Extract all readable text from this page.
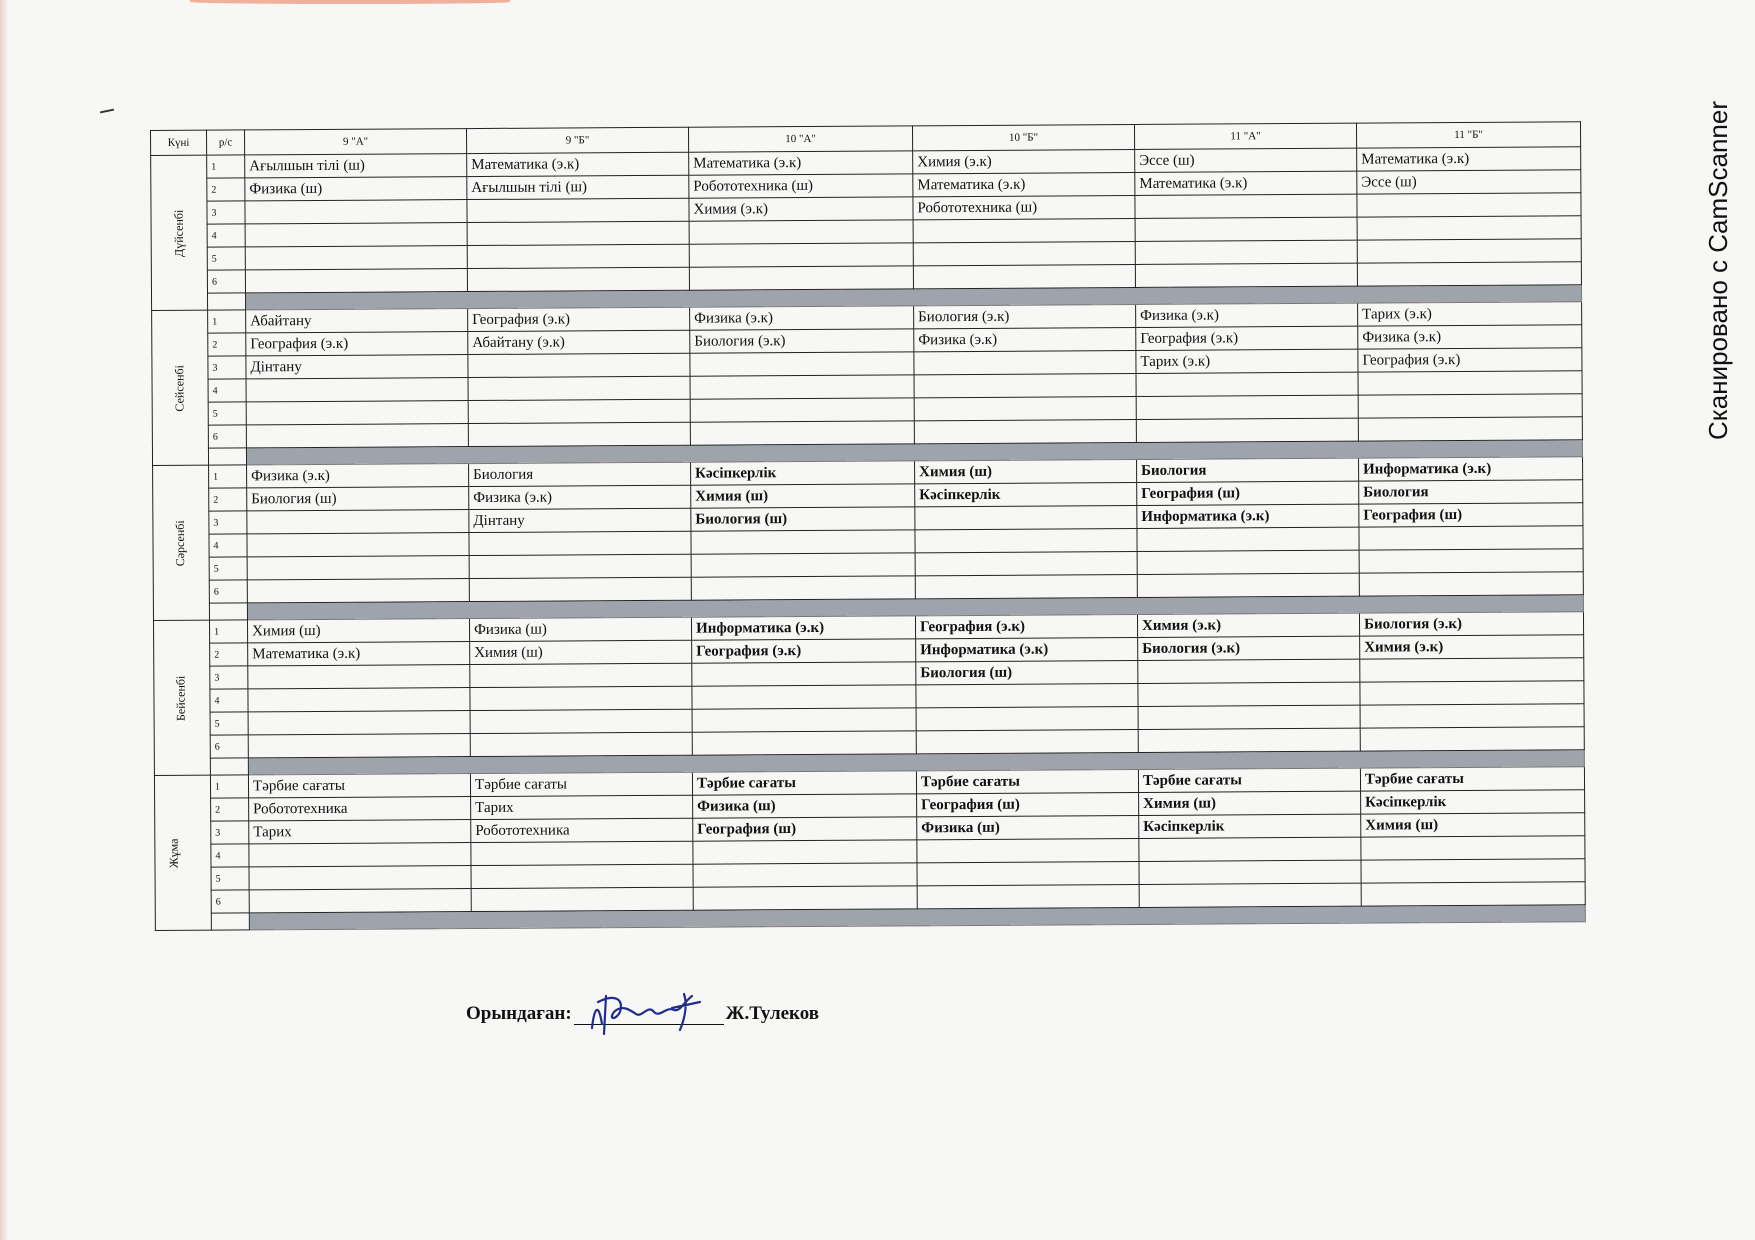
Сканировано с CamScanner
Күні	р/с	9 "А"	9 "Б"	10 "А"	10 "Б"	11 "А"	11 "Б"
Дүйсенбі	1	Ағылшын тілі (ш)	Математика (э.к)	Математика (э.к)	Химия (э.к)	Эссе (ш)	Математика (э.к)
	2	Физика (ш)	Ағылшын тілі (ш)	Робототехника (ш)	Математика (э.к)	Математика (э.к)	Эссе (ш)
	3			Химия (э.к)	Робототехника (ш)		
	4						
	5						
	6						

Сейсенбі	1	Абайтану	География (э.к)	Физика (э.к)	Биология (э.к)	Физика (э.к)	Тарих (э.к)
	2	География (э.к)	Абайтану (э.к)	Биология (э.к)	Физика (э.к)	География (э.к)	Физика (э.к)
	3	Дінтану				Тарих (э.к)	География (э.к)
	4						
	5						
	6						

Сәрсенбі	1	Физика (э.к)	Биология	Кәсіпкерлік	Химия (ш)	Биология	Информатика (э.к)
	2	Биология (ш)	Физика (э.к)	Химия (ш)	Кәсіпкерлік	География (ш)	Биология
	3		Дінтану	Биология (ш)		Информатика (э.к)	География (ш)
	4						
	5						
	6						

Бейсенбі	1	Химия (ш)	Физика (ш)	Информатика (э.к)	География (э.к)	Химия (э.к)	Биология (э.к)
	2	Математика (э.к)	Химия (ш)	География (э.к)	Информатика (э.к)	Биология (э.к)	Химия (э.к)
	3				Биология (ш)		
	4						
	5						
	6						

Жұма	1	Тәрбие сағаты	Тәрбие сағаты	Тәрбие сағаты	Тәрбие сағаты	Тәрбие сағаты	Тәрбие сағаты
	2	Робототехника	Тарих	Физика (ш)	География (ш)	Химия (ш)	Кәсіпкерлік
	3	Тарих	Робототехника	География (ш)	Физика (ш)	Кәсіпкерлік	Химия (ш)
	4						
	5						
	6						

Орындаған:	Ж.Тулеков
